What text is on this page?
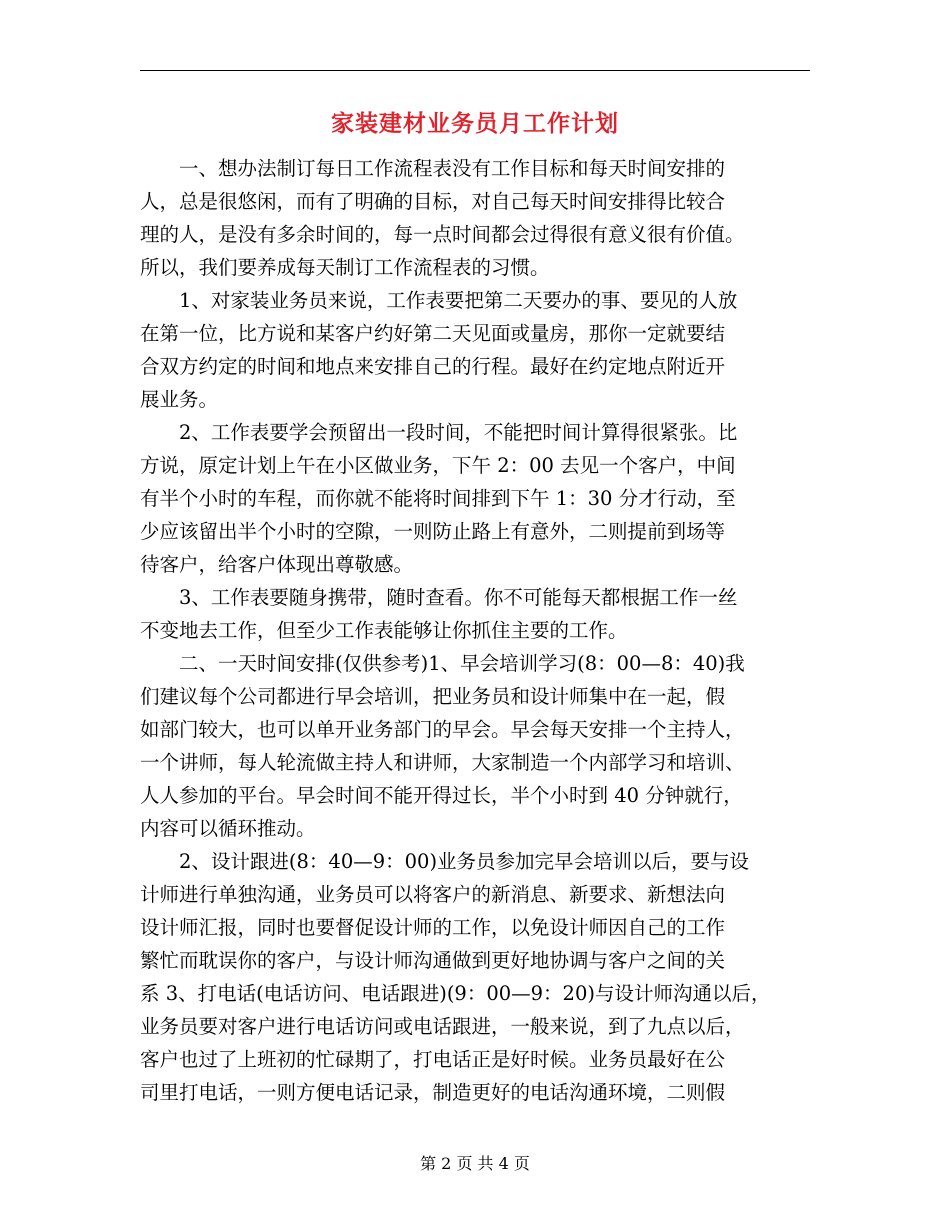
家装建材业务员月工作计划
　　一、想办法制订每日工作流程表没有工作目标和每天时间安排的
人，总是很悠闲，而有了明确的目标，对自己每天时间安排得比较合
理的人，是没有多余时间的，每一点时间都会过得很有意义很有价值。
所以，我们要养成每天制订工作流程表的习惯。
　　1、对家装业务员来说，工作表要把第二天要办的事、要见的人放
在第一位，比方说和某客户约好第二天见面或量房，那你一定就要结
合双方约定的时间和地点来安排自己的行程。最好在约定地点附近开
展业务。
　　2、工作表要学会预留出一段时间，不能把时间计算得很紧张。比
方说，原定计划上午在小区做业务，下午 2：00 去见一个客户，中间
有半个小时的车程，而你就不能将时间排到下午 1：30 分才行动，至
少应该留出半个小时的空隙，一则防止路上有意外，二则提前到场等
待客户，给客户体现出尊敬感。
　　3、工作表要随身携带，随时查看。你不可能每天都根据工作一丝
不变地去工作，但至少工作表能够让你抓住主要的工作。
　　二、一天时间安排(仅供参考)1、早会培训学习(8：00—8：40)我
们建议每个公司都进行早会培训，把业务员和设计师集中在一起，假
如部门较大，也可以单开业务部门的早会。早会每天安排一个主持人，
一个讲师，每人轮流做主持人和讲师，大家制造一个内部学习和培训、
人人参加的平台。早会时间不能开得过长，半个小时到 40 分钟就行，
内容可以循环推动。
　　2、设计跟进(8：40—9：00)业务员参加完早会培训以后，要与设
计师进行单独沟通，业务员可以将客户的新消息、新要求、新想法向
设计师汇报，同时也要督促设计师的工作，以免设计师因自己的工作
繁忙而耽误你的客户，与设计师沟通做到更好地协调与客户之间的关
系 3、打电话(电话访问、电话跟进)(9：00—9：20)与设计师沟通以后，
业务员要对客户进行电话访问或电话跟进，一般来说，到了九点以后，
客户也过了上班初的忙碌期了，打电话正是好时候。业务员最好在公
司里打电话，一则方便电话记录，制造更好的电话沟通环境，二则假
第 2 页 共 4 页
